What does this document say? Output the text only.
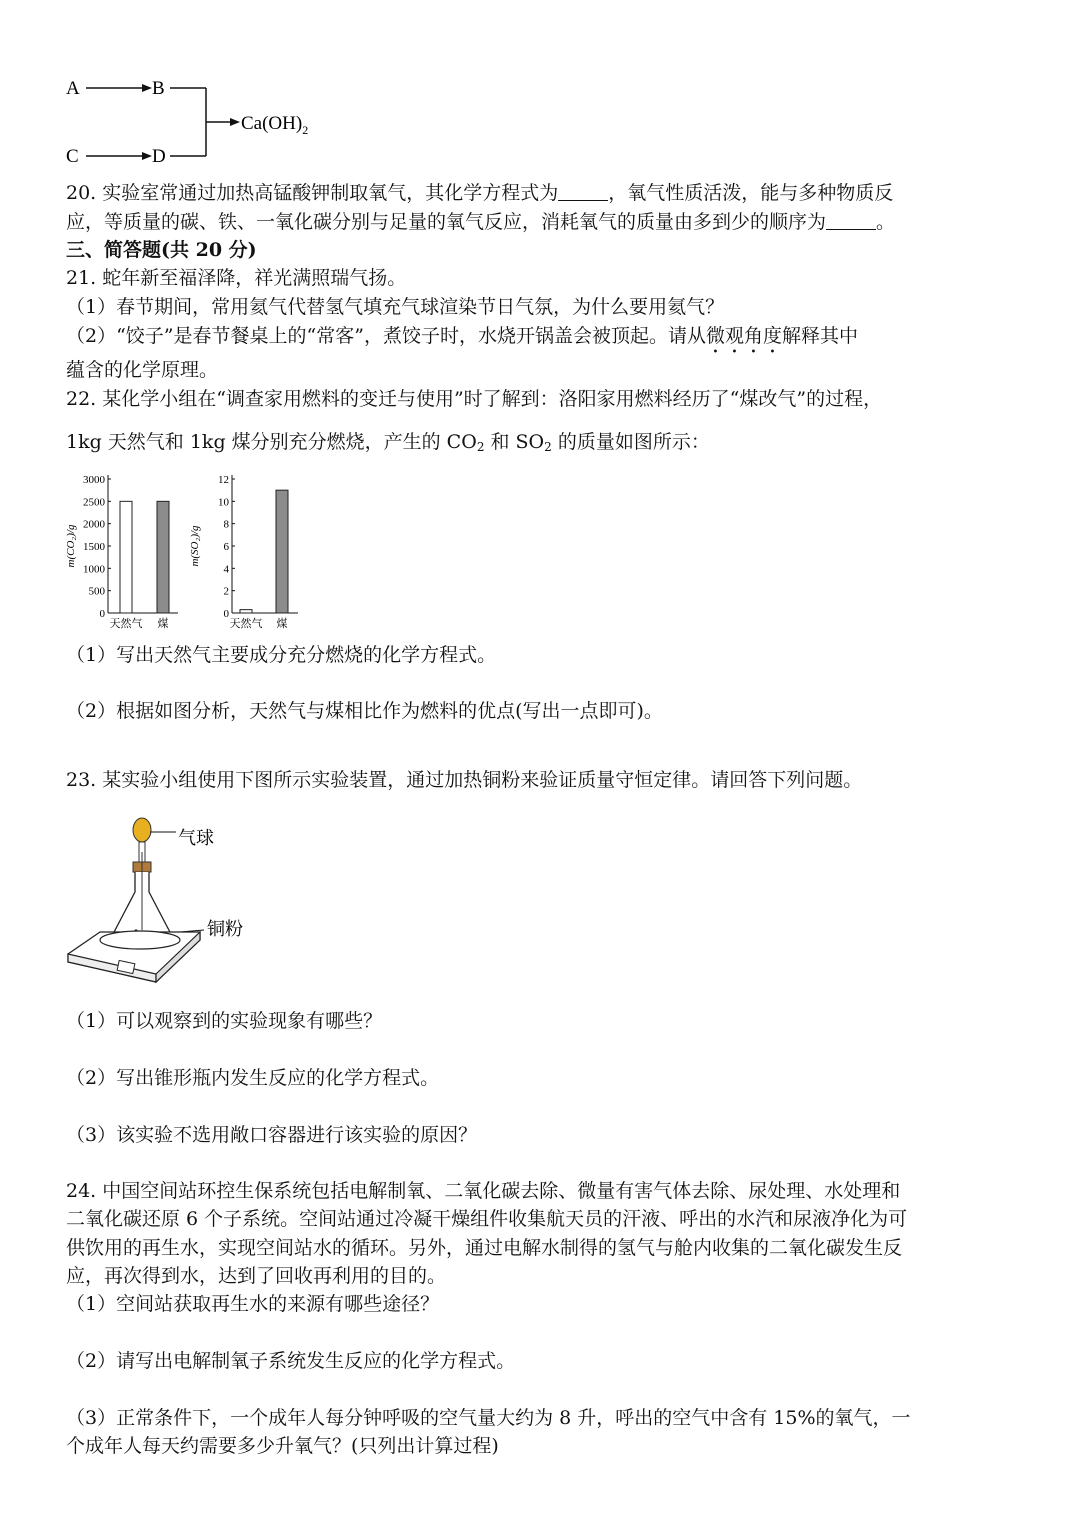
A	B
C	D
$Ca(OH)_2$
20. 实验室常通过加热高锰酸钾制取氧气，其化学方程式为	，氧气性质活泼，能与多种物质反
应，等质量的碳、铁、一氧化碳分别与足量的氧气反应，消耗氧气的质量由多到少的顺序为	。
三、简答题(共 20 分)
21. 蛇年新至福泽降，祥光满照瑞气扬。
（1）春节期间，常用氦气代替氢气填充气球渲染节日气氛，为什么要用氦气？
（2）“饺子”是春节餐桌上的“常客”，煮饺子时，水烧开锅盖会被顶起。请从微观角度解释其中
蕴含的化学原理。
22. 某化学小组在“调查家用燃料的变迁与使用”时了解到：洛阳家用燃料经历了“煤改气”的过程，
1kg 天然气和 1kg 煤分别充分燃烧，产生的 $CO_2$ 和 $SO_2$ 的质量如图所示：
0
500
1000
1500
2000
2500
3000
天然气 煤
m(CO₂)/g
0
2
4
6
8
10
12
天然气 煤
m(SO₂)/g
（1）写出天然气主要成分充分燃烧的化学方程式。
（2）根据如图分析，天然气与煤相比作为燃料的优点(写出一点即可)。
23. 某实验小组使用下图所示实验装置，通过加热铜粉来验证质量守恒定律。请回答下列问题。
气球
铜粉
（1）可以观察到的实验现象有哪些？
（2）写出锥形瓶内发生反应的化学方程式。
（3）该实验不选用敞口容器进行该实验的原因？
24. 中国空间站环控生保系统包括电解制氧、二氧化碳去除、微量有害气体去除、尿处理、水处理和
二氧化碳还原 6 个子系统。空间站通过冷凝干燥组件收集航天员的汗液、呼出的水汽和尿液净化为可
供饮用的再生水，实现空间站水的循环。另外，通过电解水制得的氢气与舱内收集的二氧化碳发生反
应，再次得到水，达到了回收再利用的目的。
（1）空间站获取再生水的来源有哪些途径？
（2）请写出电解制氧子系统发生反应的化学方程式。
（3）正常条件下，一个成年人每分钟呼吸的空气量大约为 8 升，呼出的空气中含有 15%的氧气，一
个成年人每天约需要多少升氧气？(只列出计算过程)
